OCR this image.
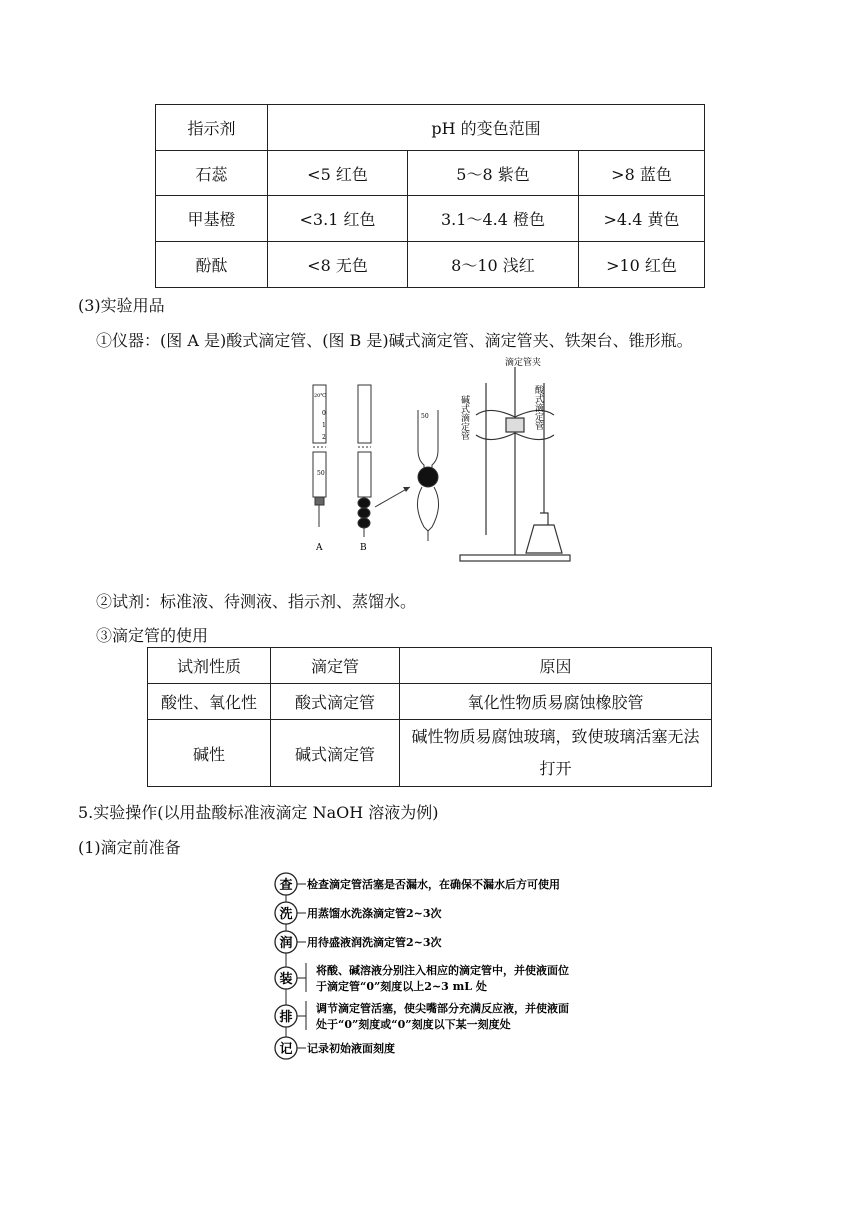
指示剂	pH 的变色范围		
石蕊	<5 红色	5～8 紫色	>8 蓝色
甲基橙	<3.1 红色	3.1～4.4 橙色	>4.4 黄色
酚酞	<8 无色	8～10 浅红	>10 红色
(3)实验用品
①仪器：(图 A 是)酸式滴定管、(图 B 是)碱式滴定管、滴定管夹、铁架台、锥形瓶。
20℃
0
1
2
50
A	B
50
滴定管夹
碱式滴定管	酸式滴定管
②试剂：标准液、待测液、指示剂、蒸馏水。
③滴定管的使用
试剂性质	滴定管	原因
酸性、氧化性	酸式滴定管	氧化性物质易腐蚀橡胶管
碱性	碱式滴定管	碱性物质易腐蚀玻璃，致使玻璃活塞无法
打开
5.实验操作(以用盐酸标准液滴定 NaOH 溶液为例)
(1)滴定前准备
查 检查滴定管活塞是否漏水，在确保不漏水后方可使用
洗 用蒸馏水洗涤滴定管2~3次
润 用待盛液润洗滴定管2~3次
装
将酸、碱溶液分别注入相应的滴定管中，并使液面位
于滴定管“0”刻度以上2~3 mL 处
排
调节滴定管活塞，使尖嘴部分充满反应液，并使液面
处于“0”刻度或“0”刻度以下某一刻度处
记 记录初始液面刻度
